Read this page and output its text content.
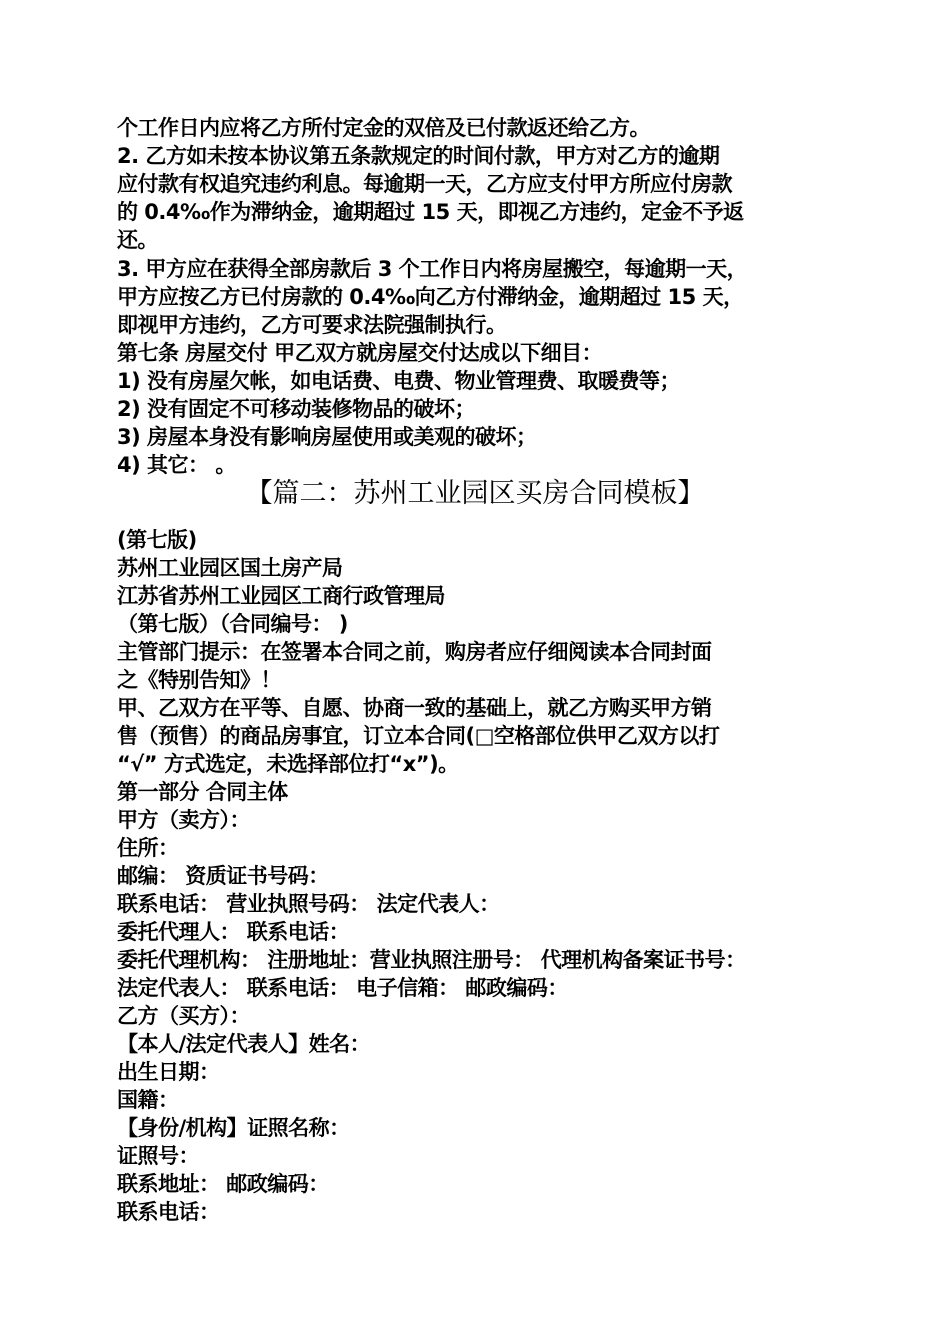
个工作日内应将乙方所付定金的双倍及已付款返还给乙方。
2. 乙方如未按本协议第五条款规定的时间付款，甲方对乙方的逾期
应付款有权追究违约利息。每逾期一天，乙方应支付甲方所应付房款
的 0.4‰作为滞纳金，逾期超过 15 天，即视乙方违约，定金不予返
还。
3. 甲方应在获得全部房款后 3 个工作日内将房屋搬空，每逾期一天，
甲方应按乙方已付房款的 0.4‰向乙方付滞纳金，逾期超过 15 天，
即视甲方违约，乙方可要求法院强制执行。
第七条 房屋交付 甲乙双方就房屋交付达成以下细目：
1) 没有房屋欠帐，如电话费、电费、物业管理费、取暖费等；
2) 没有固定不可移动装修物品的破坏；
3) 房屋本身没有影响房屋使用或美观的破坏；
4) 其它： 。
【篇二：苏州工业园区买房合同模板】
(第七版)
苏州工业园区国土房产局
江苏省苏州工业园区工商行政管理局
（第七版）（合同编号： )
主管部门提示：在签署本合同之前，购房者应仔细阅读本合同封面
之《特别告知》！
甲、乙双方在平等、自愿、协商一致的基础上，就乙方购买甲方销
售（预售）的商品房事宜，订立本合同(□空格部位供甲乙双方以打
“√” 方式选定，未选择部位打“x”)。
第一部分 合同主体
甲方（卖方）：
住所：
邮编： 资质证书号码：
联系电话： 营业执照号码： 法定代表人：
委托代理人： 联系电话：
委托代理机构： 注册地址：营业执照注册号： 代理机构备案证书号：
法定代表人： 联系电话： 电子信箱： 邮政编码：
乙方（买方）：
【本人/法定代表人】姓名：
出生日期：
国籍：
【身份/机构】证照名称：
证照号：
联系地址： 邮政编码：
联系电话：
